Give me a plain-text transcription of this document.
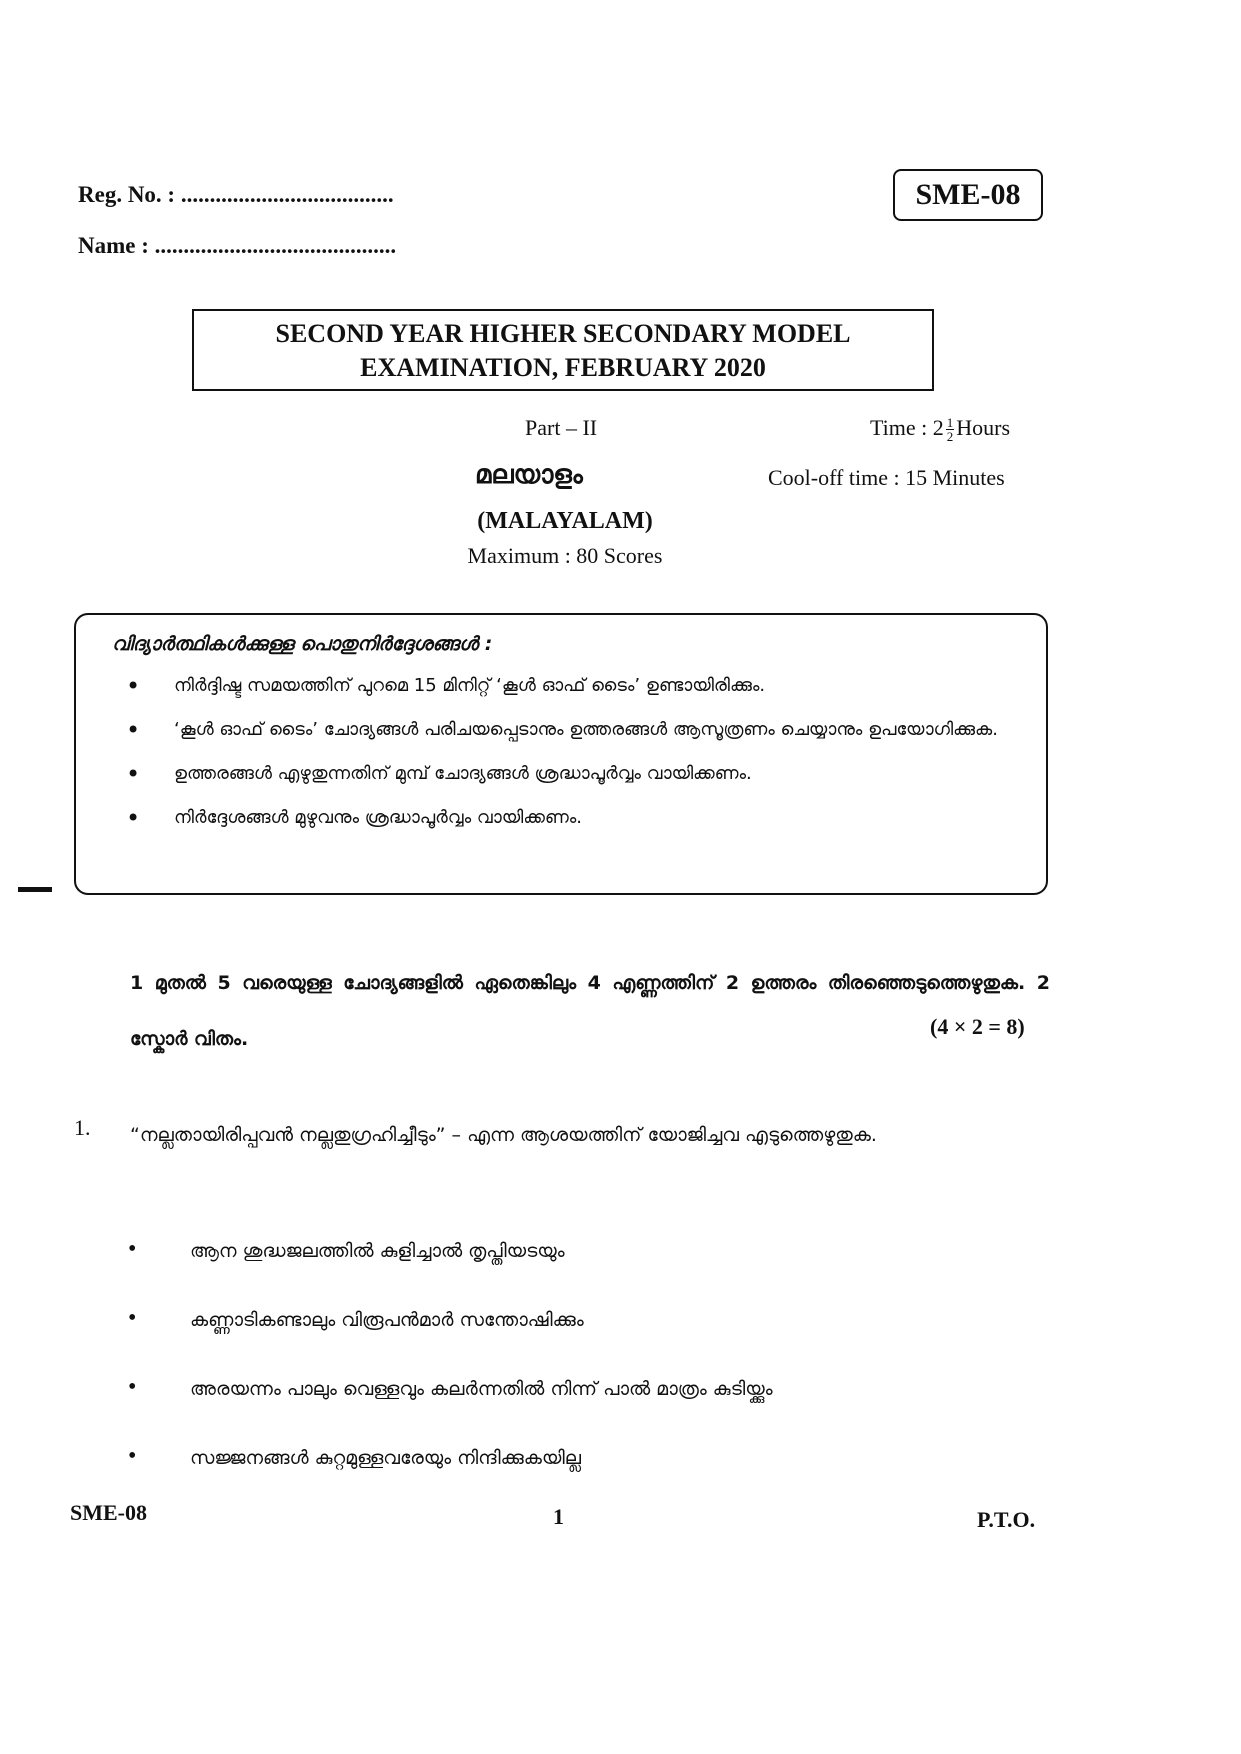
Reg. No. : .....................................
Name : ..........................................
SME-08
SECOND YEAR HIGHER SECONDARY MODEL
EXAMINATION, FEBRUARY 2020
Part – II	Time : $2 \frac{1}{2}$ Hours
മലയാളം	Cool-off time : 15 Minutes
(MALAYALAM)
Maximum : 80 Scores
വിദ്യാർത്ഥികൾക്കുള്ള പൊതുനിർദ്ദേശങ്ങൾ :
• നിർദ്ദിഷ്ട സമയത്തിന് പുറമെ 15 മിനിറ്റ് ‘കൂൾ ഓഫ് ടൈം’ ഉണ്ടായിരിക്കും.
• ‘കൂൾ ഓഫ് ടൈം’ ചോദ്യങ്ങൾ പരിചയപ്പെടാനും ഉത്തരങ്ങൾ ആസൂത്രണം ചെയ്യാനും ഉപയോഗിക്കുക.
• ഉത്തരങ്ങൾ എഴുതുന്നതിന് മുമ്പ് ചോദ്യങ്ങൾ ശ്രദ്ധാപൂർവ്വം വായിക്കണം.
• നിർദ്ദേശങ്ങൾ മുഴുവനും ശ്രദ്ധാപൂർവ്വം വായിക്കണം.
1 മുതൽ 5 വരെയുള്ള ചോദ്യങ്ങളിൽ ഏതെങ്കിലും 4 എണ്ണത്തിന് 2 ഉത്തരം തിരഞ്ഞെടുത്തെഴുതുക. 2 സ്കോർ വിതം.	(4 × 2 = 8)
1. “നല്ലതായിരിപ്പവൻ നല്ലതുഗ്രഹിച്ചീടും” – എന്ന ആശയത്തിന് യോജിച്ചവ എടുത്തെഴുതുക.
•	ആന ശുദ്ധജലത്തിൽ കുളിച്ചാൽ തൃപ്തിയടയും
•	കണ്ണാടികണ്ടാലും വിരൂപൻമാർ സന്തോഷിക്കും
•	അരയന്നം പാലും വെള്ളവും കലർന്നതിൽ നിന്ന് പാൽ മാത്രം കുടിയ്ക്കും
•	സജ്ജനങ്ങൾ കുറ്റമുള്ളവരേയും നിന്ദിക്കുകയില്ല
SME-08	1	P.T.O.
